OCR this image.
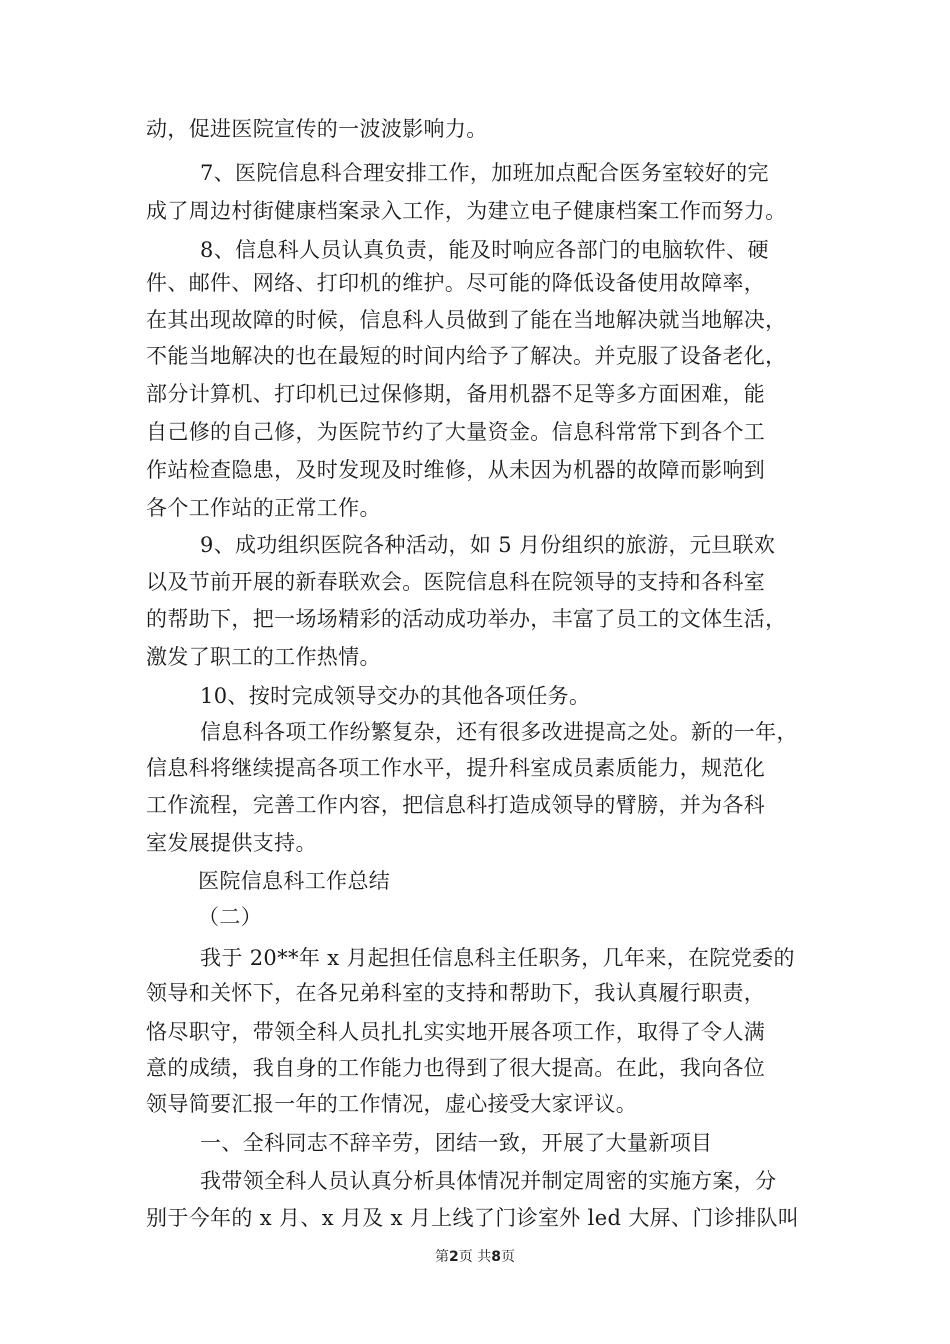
动，促进医院宣传的一波波影响力。
7、医院信息科合理安排工作，加班加点配合医务室较好的完
成了周边村街健康档案录入工作，为建立电子健康档案工作而努力。
8、信息科人员认真负责，能及时响应各部门的电脑软件、硬
件、邮件、网络、打印机的维护。尽可能的降低设备使用故障率，
在其出现故障的时候，信息科人员做到了能在当地解决就当地解决，
不能当地解决的也在最短的时间内给予了解决。并克服了设备老化，
部分计算机、打印机已过保修期，备用机器不足等多方面困难，能
自己修的自己修，为医院节约了大量资金。信息科常常下到各个工
作站检查隐患，及时发现及时维修，从未因为机器的故障而影响到
各个工作站的正常工作。
9、成功组织医院各种活动，如 5 月份组织的旅游，元旦联欢
以及节前开展的新春联欢会。医院信息科在院领导的支持和各科室
的帮助下，把一场场精彩的活动成功举办，丰富了员工的文体生活，
激发了职工的工作热情。
10、按时完成领导交办的其他各项任务。
信息科各项工作纷繁复杂，还有很多改进提高之处。新的一年，
信息科将继续提高各项工作水平，提升科室成员素质能力，规范化
工作流程，完善工作内容，把信息科打造成领导的臂膀，并为各科
室发展提供支持。
医院信息科工作总结
（二）
我于 20**年 x 月起担任信息科主任职务，几年来，在院党委的
领导和关怀下，在各兄弟科室的支持和帮助下，我认真履行职责，
恪尽职守，带领全科人员扎扎实实地开展各项工作，取得了令人满
意的成绩，我自身的工作能力也得到了很大提高。在此，我向各位
领导简要汇报一年的工作情况，虚心接受大家评议。
一、全科同志不辞辛劳，团结一致，开展了大量新项目
我带领全科人员认真分析具体情况并制定周密的实施方案，分
别于今年的 x 月、x 月及 x 月上线了门诊室外 led 大屏、门诊排队叫
第2页 共8页
